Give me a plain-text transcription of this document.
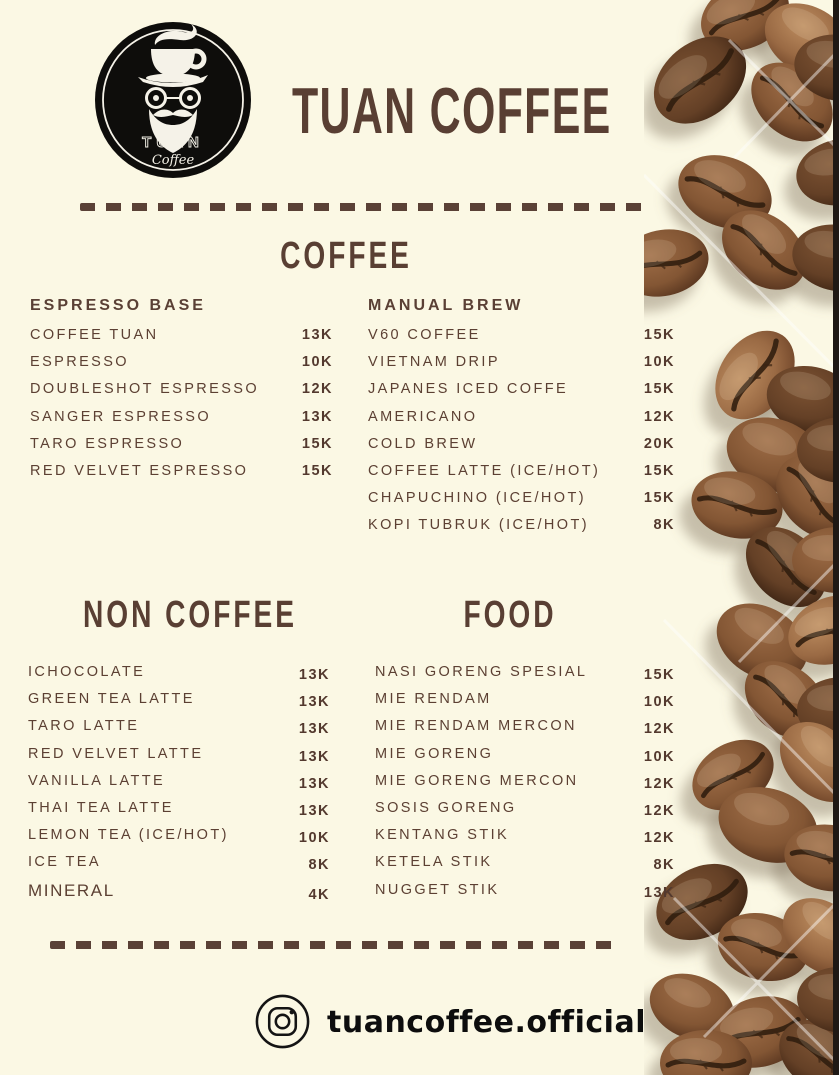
TUAN
Coffee
TUAN COFFEE
COFFEE
ESPRESSO BASE
COFFEE TUAN	13K
ESPRESSO	10K
DOUBLESHOT ESPRESSO	12K
SANGER ESPRESSO	13K
TARO ESPRESSO	15K
RED VELVET ESPRESSO	15K
MANUAL BREW
V60 COFFEE	15K
VIETNAM DRIP	10K
JAPANES ICED COFFE	15K
AMERICANO	12K
COLD BREW	20K
COFFEE LATTE (ICE/HOT)	15K
CHAPUCHINO (ICE/HOT)	15K
KOPI TUBRUK (ICE/HOT)	8K
NON COFFEE	FOOD
ICHOCOLATE	13K
GREEN TEA LATTE	13K
TARO LATTE	13K
RED VELVET LATTE	13K
VANILLA LATTE	13K
THAI TEA LATTE	13K
LEMON TEA (ICE/HOT)	10K
ICE TEA	8K
MINERAL	4K
NASI GORENG SPESIAL	15K
MIE RENDAM	10K
MIE RENDAM MERCON	12K
MIE GORENG	10K
MIE GORENG MERCON	12K
SOSIS GORENG	12K
KENTANG STIK	12K
KETELA STIK	8K
NUGGET STIK	13K
tuancoffee.official
